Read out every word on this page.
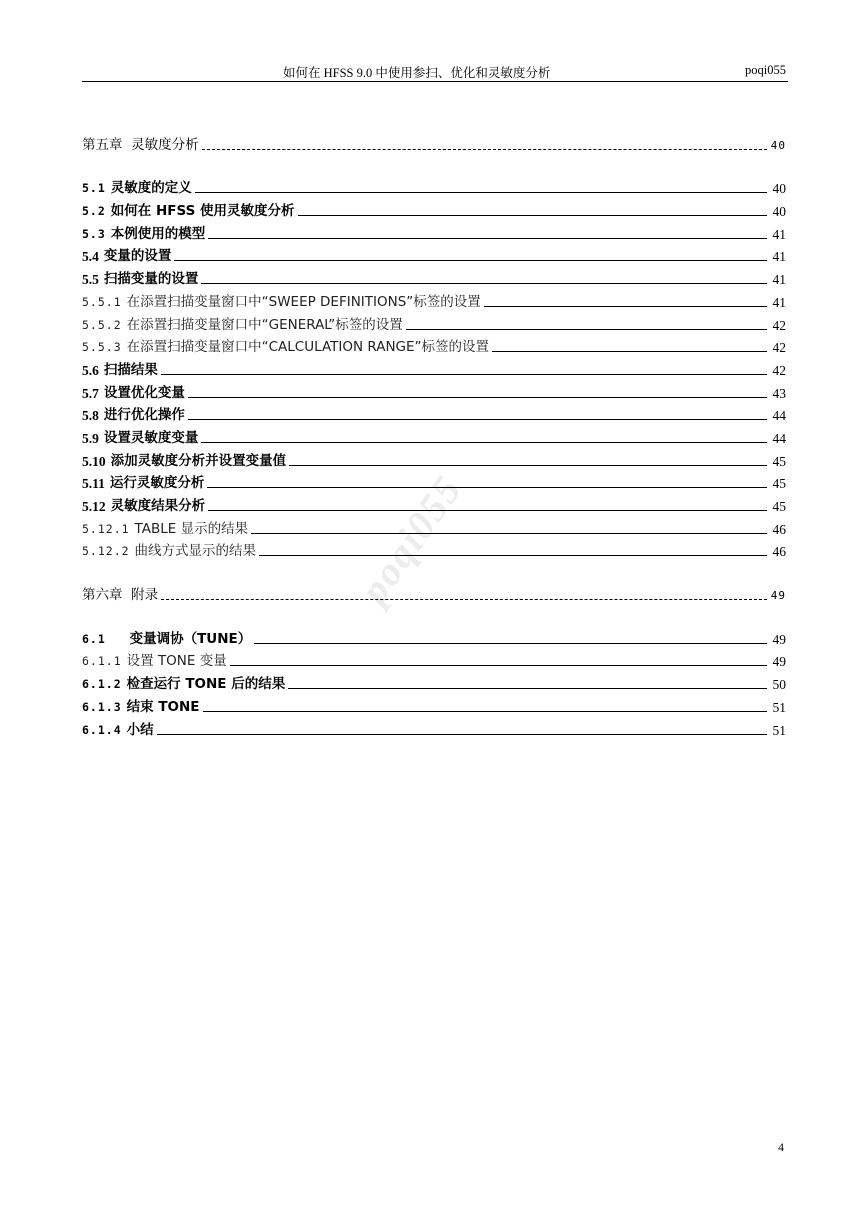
如何在 HFSS 9.0 中使用参扫、优化和灵敏度分析	poqi055
poqi055
第五章  灵敏度分析	40
5.1 灵敏度的定义	40
5.2 如何在 HFSS 使用灵敏度分析	40
5.3 本例使用的模型	41
5.4 变量的设置	41
5.5 扫描变量的设置	41
5.5.1 在添置扫描变量窗口中“SWEEP DEFINITIONS”标签的设置	41
5.5.2 在添置扫描变量窗口中“GENERAL”标签的设置	42
5.5.3 在添置扫描变量窗口中“CALCULATION RANGE”标签的设置	42
5.6 扫描结果	42
5.7 设置优化变量	43
5.8 进行优化操作	44
5.9 设置灵敏度变量	44
5.10 添加灵敏度分析并设置变量值	45
5.11 运行灵敏度分析	45
5.12 灵敏度结果分析	45
5.12.1 TABLE 显示的结果	46
5.12.2 曲线方式显示的结果	46
第六章  附录	49
6.1 变量调协（TUNE）	49
6.1.1 设置 TONE 变量	49
6.1.2 检查运行 TONE 后的结果	50
6.1.3 结束 TONE	51
6.1.4 小结	51
4
